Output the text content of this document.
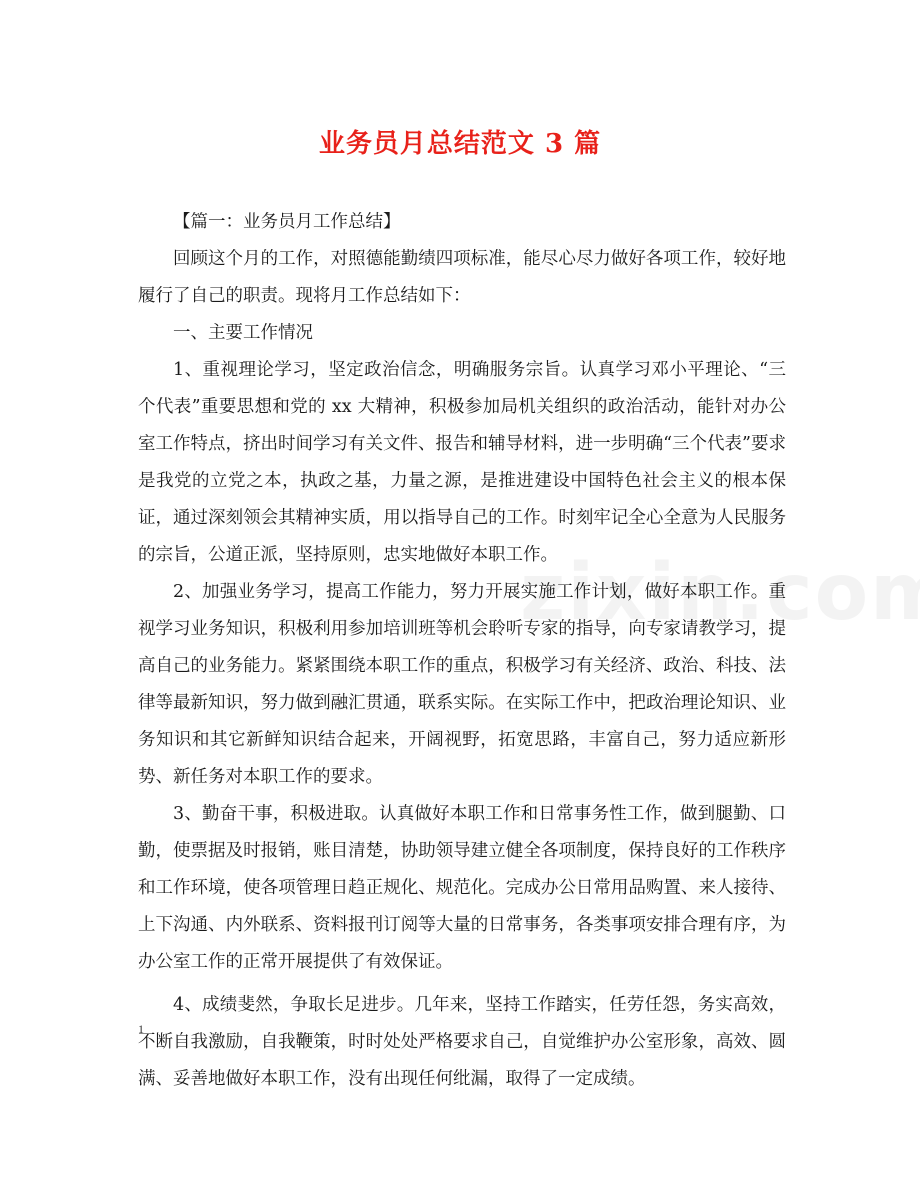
业务员月总结范文 3 篇

【篇一：业务员月工作总结】

回顾这个月的工作，对照德能勤绩四项标准，能尽心尽力做好各项工作，较好地履行了自己的职责。现将月工作总结如下：

一、主要工作情况

1、重视理论学习，坚定政治信念，明确服务宗旨。认真学习邓小平理论、“三个代表”重要思想和党的 xx 大精神，积极参加局机关组织的政治活动，能针对办公室工作特点，挤出时间学习有关文件、报告和辅导材料，进一步明确“三个代表”要求是我党的立党之本，执政之基，力量之源，是推进建设中国特色社会主义的根本保证，通过深刻领会其精神实质，用以指导自己的工作。时刻牢记全心全意为人民服务的宗旨，公道正派，坚持原则，忠实地做好本职工作。

2、加强业务学习，提高工作能力，努力开展实施工作计划，做好本职工作。重视学习业务知识，积极利用参加培训班等机会聆听专家的指导，向专家请教学习，提高自己的业务能力。紧紧围绕本职工作的重点，积极学习有关经济、政治、科技、法律等最新知识，努力做到融汇贯通，联系实际。在实际工作中，把政治理论知识、业务知识和其它新鲜知识结合起来，开阔视野，拓宽思路，丰富自己，努力适应新形势、新任务对本职工作的要求。

3、勤奋干事，积极进取。认真做好本职工作和日常事务性工作，做到腿勤、口勤，使票据及时报销，账目清楚，协助领导建立健全各项制度，保持良好的工作秩序和工作环境，使各项管理日趋正规化、规范化。完成办公日常用品购置、来人接待、上下沟通、内外联系、资料报刊订阅等大量的日常事务，各类事项安排合理有序，为办公室工作的正常开展提供了有效保证。

4、成绩斐然，争取长足进步。几年来，坚持工作踏实，任劳任怨，务实高效，不断自我激励，自我鞭策，时时处处严格要求自己，自觉维护办公室形象，高效、圆满、妥善地做好本职工作，没有出现任何纰漏，取得了一定成绩。

1
